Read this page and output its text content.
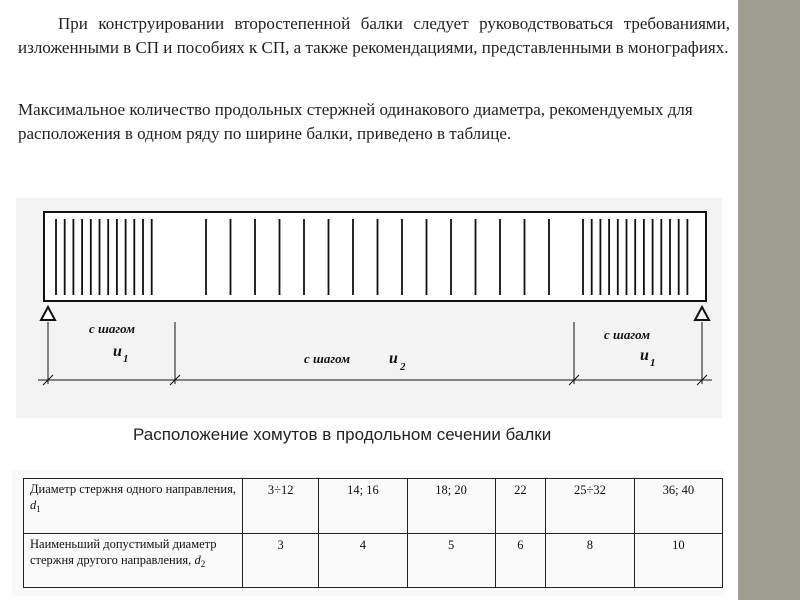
При конструировании второстепенной балки следует руководствоваться требованиями, изложенными в СП и пособиях к СП, а также рекомендациями, представленными в монографиях.

Максимальное количество продольных стержней одинакового диаметра, рекомендуемых для расположения в одном ряду по ширине балки, приведено в таблице.

с шагом
u 1	с шагом u 2
с шагом
u 1

Расположение хомутов в продольном сечении балки

Диаметр стержня одного направления, $d_1$	3÷12	14; 16	18; 20	22	25÷32	36; 40
Наименьший допустимый диаметр стержня другого направления, $d_2$	3	4	5	6	8	10
